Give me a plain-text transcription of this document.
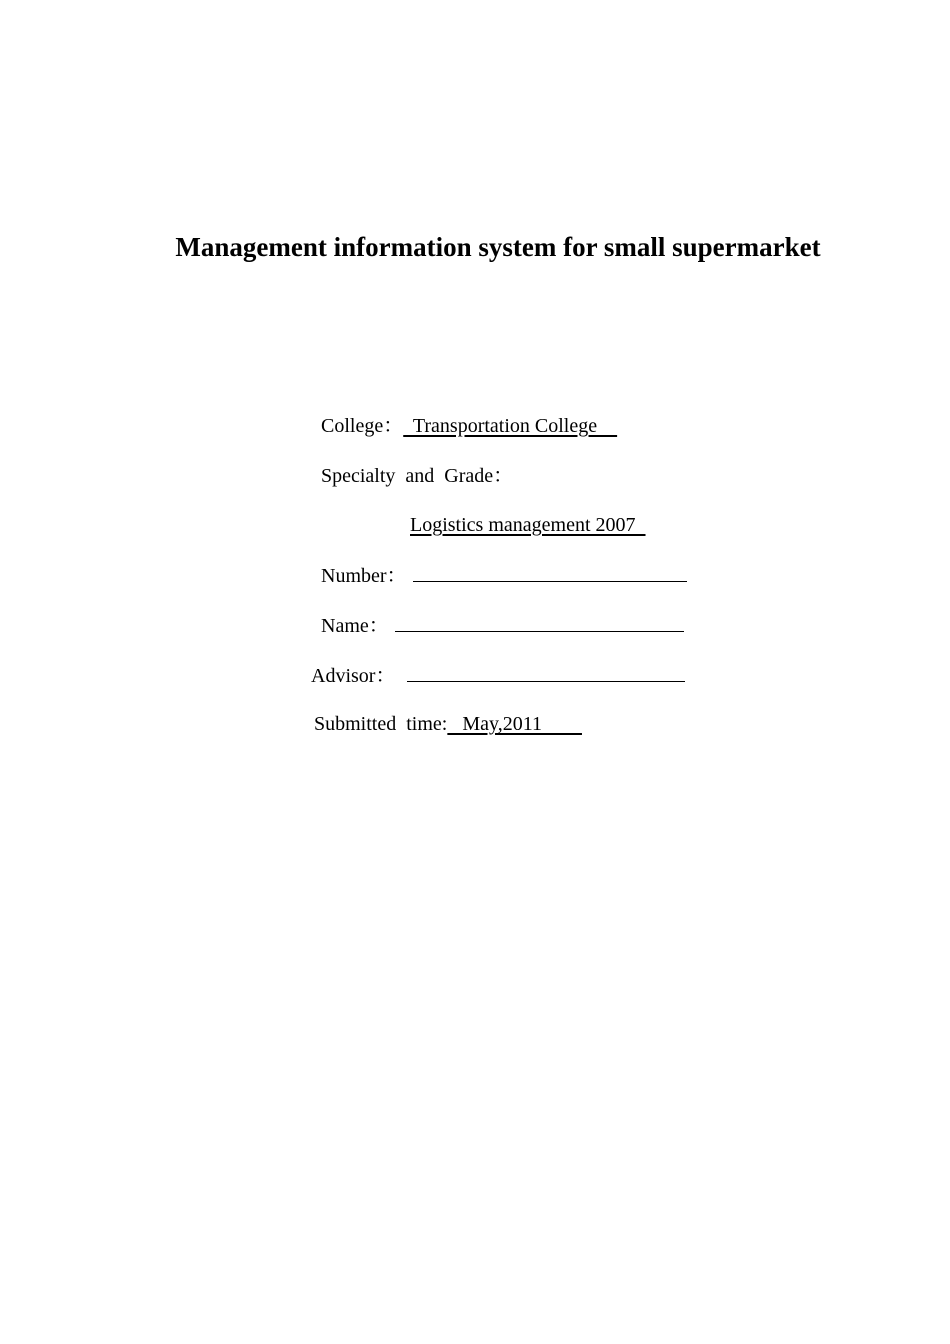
Management information system for small supermarket
College：  Transportation College
Specialty  and  Grade：
Logistics management 2007
Number：
Name：
Advisor：
Submitted  time:   May,2011
